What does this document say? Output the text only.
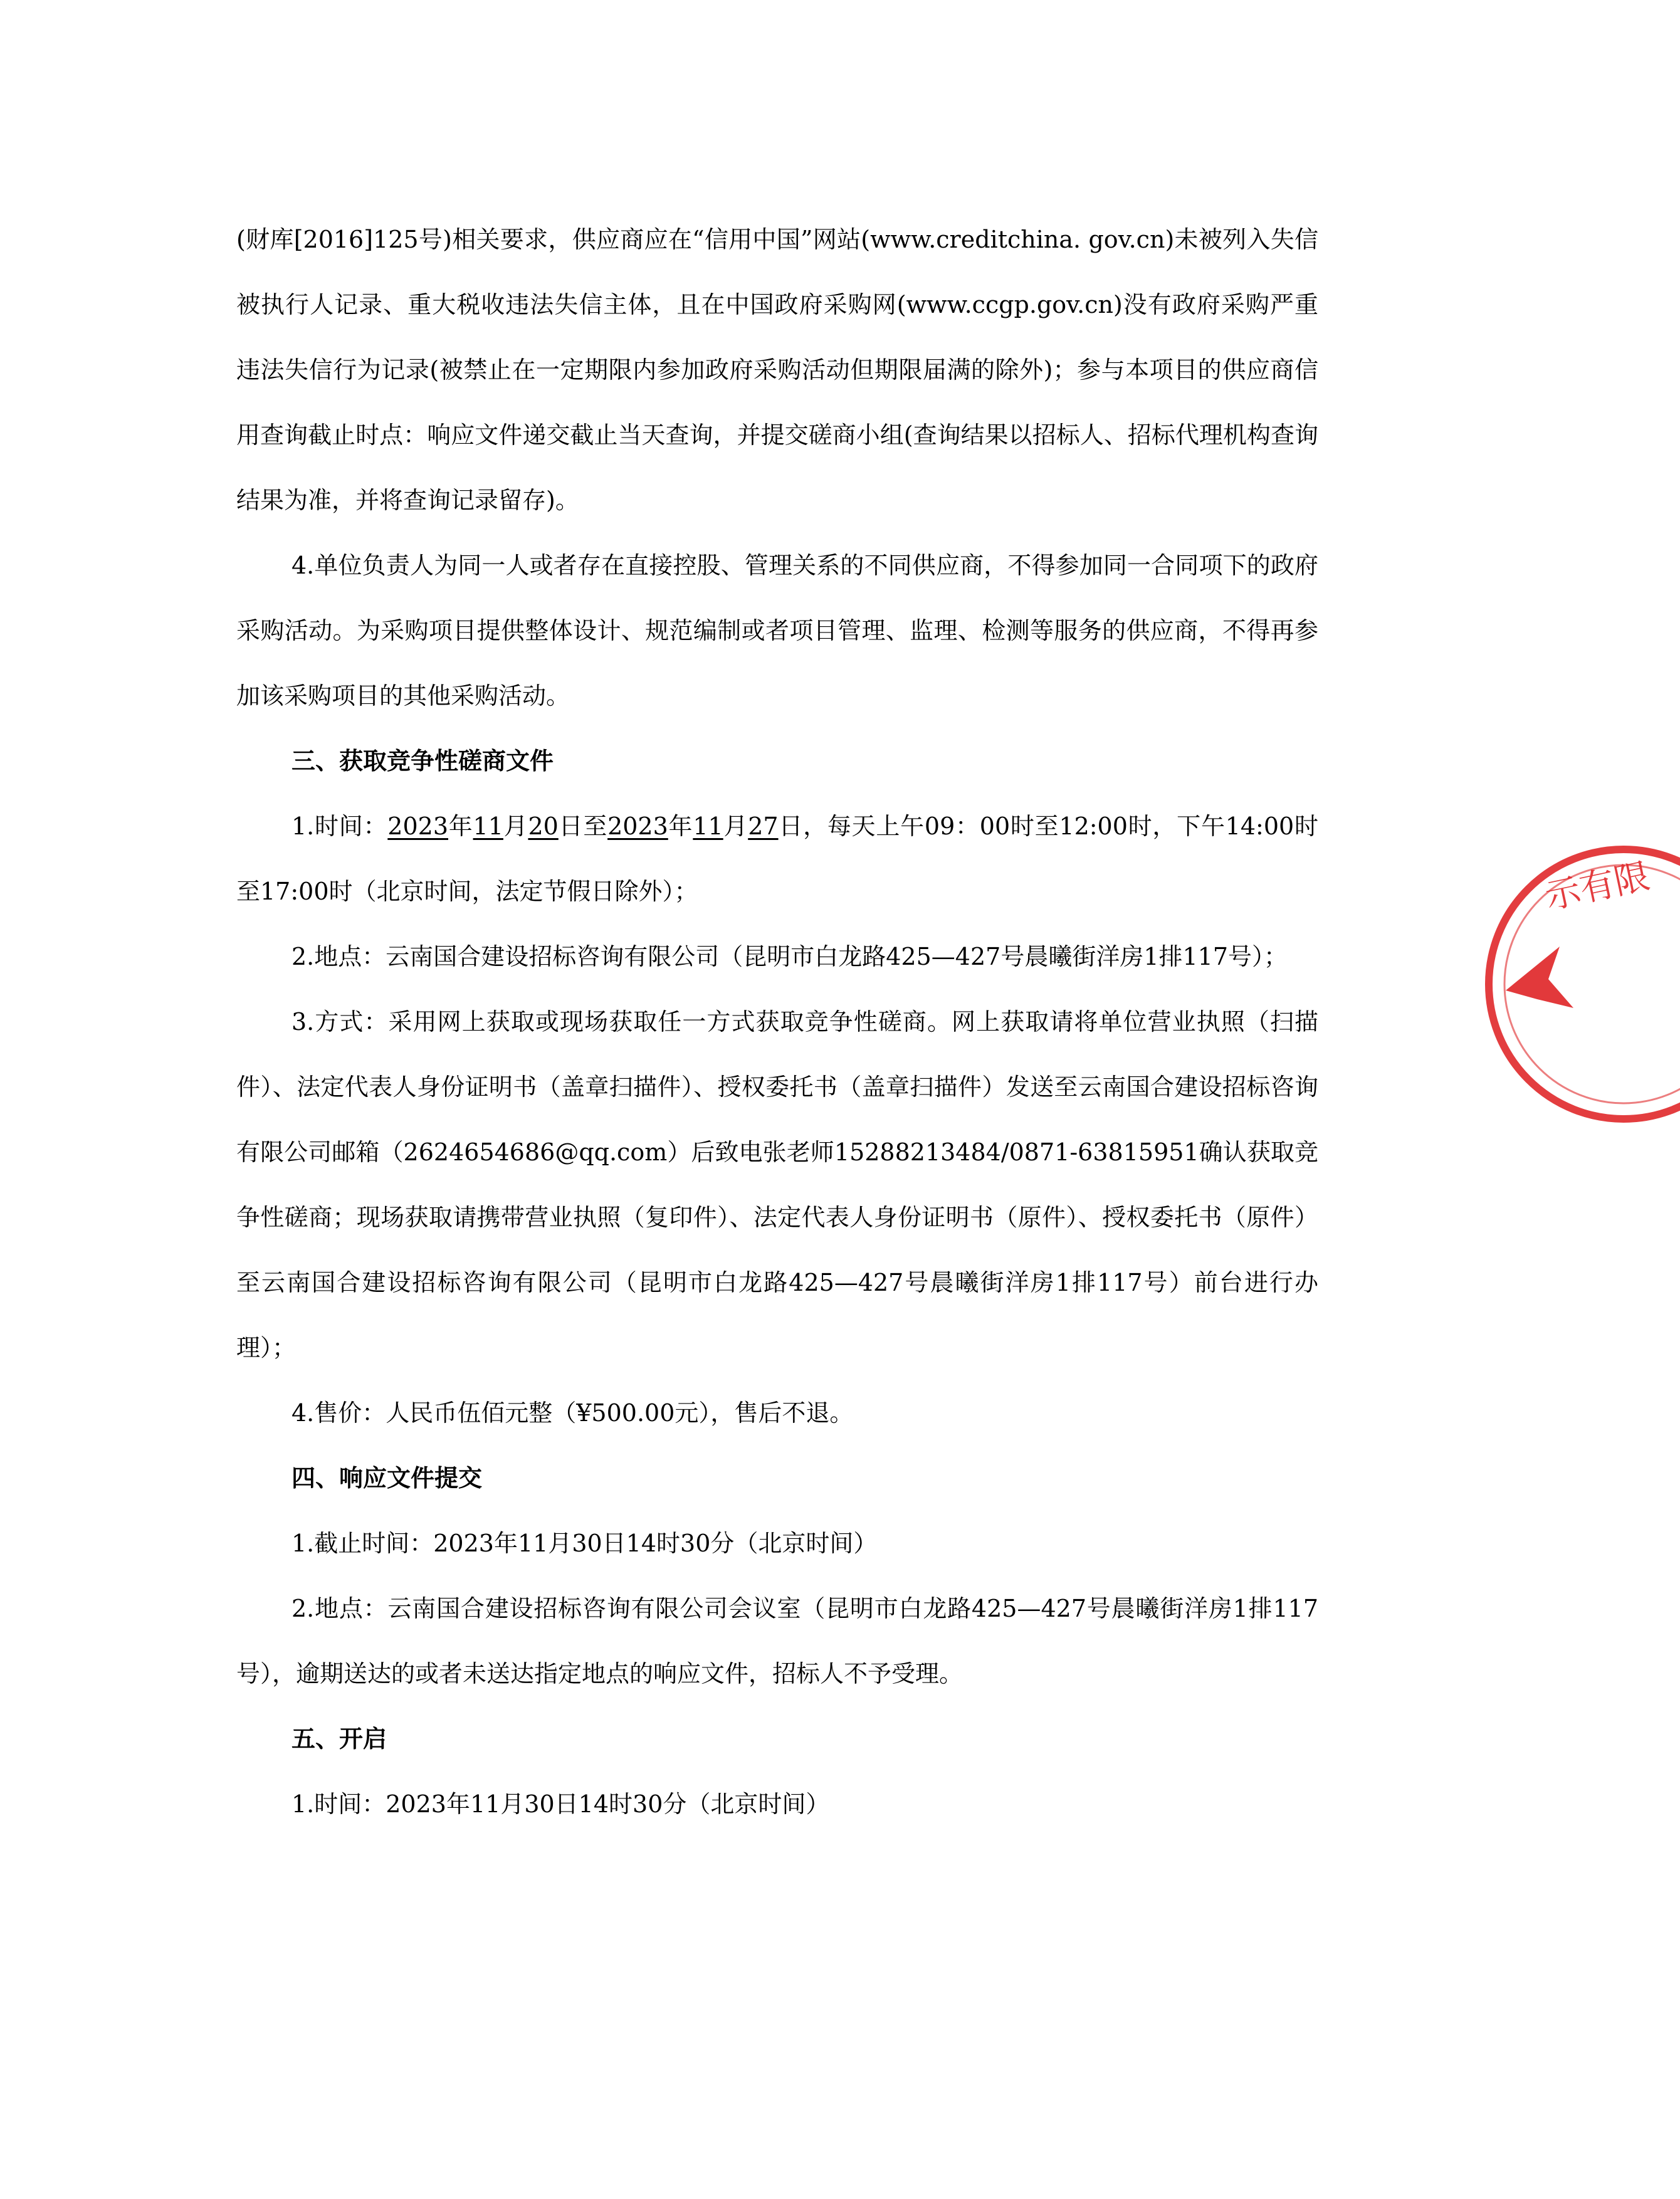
(财库[2016]125号)相关要求，供应商应在“信用中国”网站(www.creditchina. gov.cn)未被列入失信被执行人记录、重大税收违法失信主体，且在中国政府采购网(www.ccgp.gov.cn)没有政府采购严重违法失信行为记录(被禁止在一定期限内参加政府采购活动但期限届满的除外)；参与本项目的供应商信用查询截止时点：响应文件递交截止当天查询，并提交磋商小组(查询结果以招标人、招标代理机构查询结果为准，并将查询记录留存)。

4.单位负责人为同一人或者存在直接控股、管理关系的不同供应商，不得参加同一合同项下的政府采购活动。为采购项目提供整体设计、规范编制或者项目管理、监理、检测等服务的供应商，不得再参加该采购项目的其他采购活动。

三、获取竞争性磋商文件

1.时间：2023年11月20日至2023年11月27日，每天上午09：00时至12:00时，下午14:00时至17:00时（北京时间，法定节假日除外）；

2.地点：云南国合建设招标咨询有限公司（昆明市白龙路425—427号晨曦街洋房1排117号）；

3.方式：采用网上获取或现场获取任一方式获取竞争性磋商。网上获取请将单位营业执照（扫描件）、法定代表人身份证明书（盖章扫描件）、授权委托书（盖章扫描件）发送至云南国合建设招标咨询有限公司邮箱（2624654686@qq.com）后致电张老师15288213484/0871-63815951确认获取竞争性磋商；现场获取请携带营业执照（复印件）、法定代表人身份证明书（原件）、授权委托书（原件）至云南国合建设招标咨询有限公司（昆明市白龙路425—427号晨曦街洋房1排117号）前台进行办理）；

4.售价：人民币伍佰元整（¥500.00元），售后不退。

四、响应文件提交

1.截止时间：2023年11月30日14时30分（北京时间）

2.地点：云南国合建设招标咨询有限公司会议室（昆明市白龙路425—427号晨曦街洋房1排117号），逾期送达的或者未送达指定地点的响应文件，招标人不予受理。

五、开启

1.时间：2023年11月30日14时30分（北京时间）

示有限
